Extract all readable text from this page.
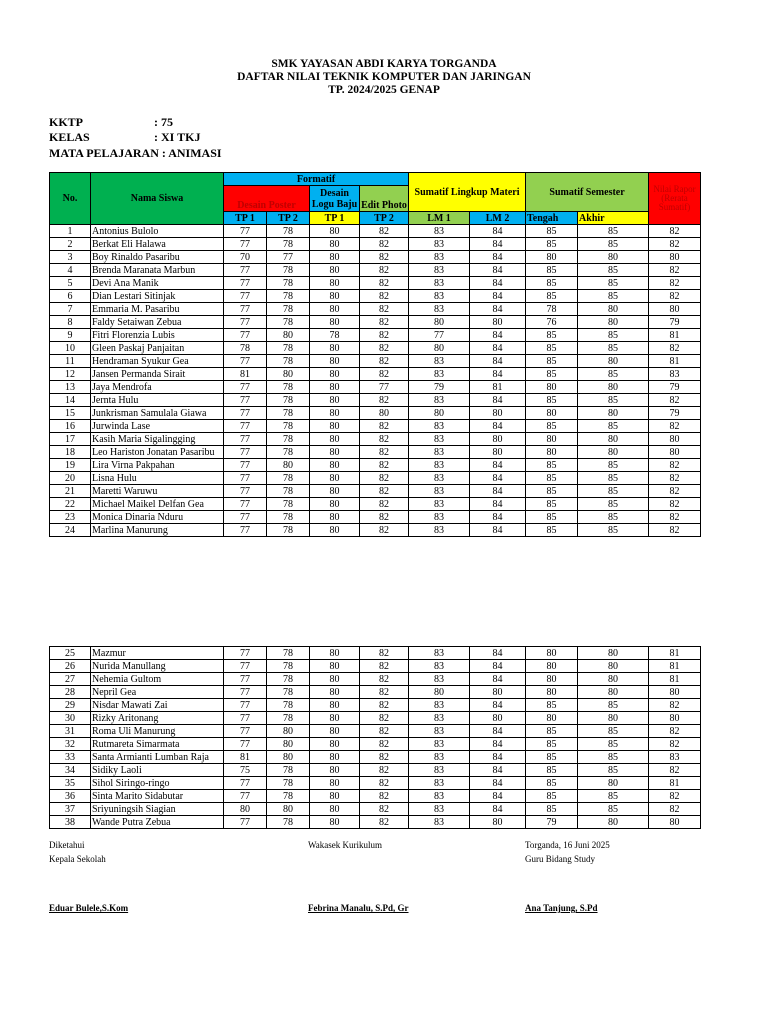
SMK YAYASAN ABDI KARYA TORGANDA
DAFTAR NILAI TEKNIK KOMPUTER DAN JARINGAN
TP. 2024/2025 GENAP
KKTP	: 75
KELAS	: XI TKJ
MATA PELAJARAN : ANIMASI
No.	Nama Siswa	Formatif				Sumatif Lingkup Materi		Sumatif Semester		Nilai Rapor (Rerata Sumatif)
		Desain Poster		Desain Logu Baju	Edit Photo					
		TP 1	TP 2	TP 1	TP 2	LM 1	LM 2	Tengah	Akhir	
1	Antonius Bulolo	77	78	80	82	83	84	85	85	82
2	Berkat Eli Halawa	77	78	80	82	83	84	85	85	82
3	Boy Rinaldo Pasaribu	70	77	80	82	83	84	80	80	80
4	Brenda Maranata Marbun	77	78	80	82	83	84	85	85	82
5	Devi Ana Manik	77	78	80	82	83	84	85	85	82
6	Dian Lestari Sitinjak	77	78	80	82	83	84	85	85	82
7	Emmaria M. Pasaribu	77	78	80	82	83	84	78	80	80
8	Faldy Setaiwan Zebua	77	78	80	82	80	80	76	80	79
9	Fitri Florenzia Lubis	77	80	78	82	77	84	85	85	81
10	Gleen Paskaj Panjaitan	78	78	80	82	80	84	85	85	82
11	Hendraman Syukur Gea	77	78	80	82	83	84	85	80	81
12	Jansen Permanda Sirait	81	80	80	82	83	84	85	85	83
13	Jaya Mendrofa	77	78	80	77	79	81	80	80	79
14	Jernta Hulu	77	78	80	82	83	84	85	85	82
15	Junkrisman Samulala Giawa	77	78	80	80	80	80	80	80	79
16	Jurwinda Lase	77	78	80	82	83	84	85	85	82
17	Kasih Maria Sigalingging	77	78	80	82	83	80	80	80	80
18	Leo Hariston Jonatan Pasaribu	77	78	80	82	83	80	80	80	80
19	Lira Virna Pakpahan	77	80	80	82	83	84	85	85	82
20	Lisna Hulu	77	78	80	82	83	84	85	85	82
21	Maretti Waruwu	77	78	80	82	83	84	85	85	82
22	Michael Maikel Delfan Gea	77	78	80	82	83	84	85	85	82
23	Monica Dinaria Nduru	77	78	80	82	83	84	85	85	82
24	Marlina Manurung	77	78	80	82	83	84	85	85	82
25	Mazmur	77	78	80	82	83	84	80	80	81
26	Nurida Manullang	77	78	80	82	83	84	80	80	81
27	Nehemia Gultom	77	78	80	82	83	84	80	80	81
28	Nepril Gea	77	78	80	82	80	80	80	80	80
29	Nisdar Mawati Zai	77	78	80	82	83	84	85	85	82
30	Rizky Aritonang	77	78	80	82	83	80	80	80	80
31	Roma Uli Manurung	77	80	80	82	83	84	85	85	82
32	Rutmareta Simarmata	77	80	80	82	83	84	85	85	82
33	Santa Armianti Lumban Raja	81	80	80	82	83	84	85	85	83
34	Sidiky Laoli	75	78	80	82	83	84	85	85	82
35	Sihol Siringo-ringo	77	78	80	82	83	84	85	80	81
36	Sinta Marito Sidabutar	77	78	80	82	83	84	85	85	82
37	Sriyuningsih Siagian	80	80	80	82	83	84	85	85	82
38	Wande Putra Zebua	77	78	80	82	83	80	79	80	80
Diketahui
Kepala Sekolah
Eduar Bulele,S.Kom
Wakasek Kurikulum
Febrina Manalu, S.Pd, Gr
Torganda, 16 Juni 2025
Guru Bidang Study
Ana Tanjung, S.Pd
